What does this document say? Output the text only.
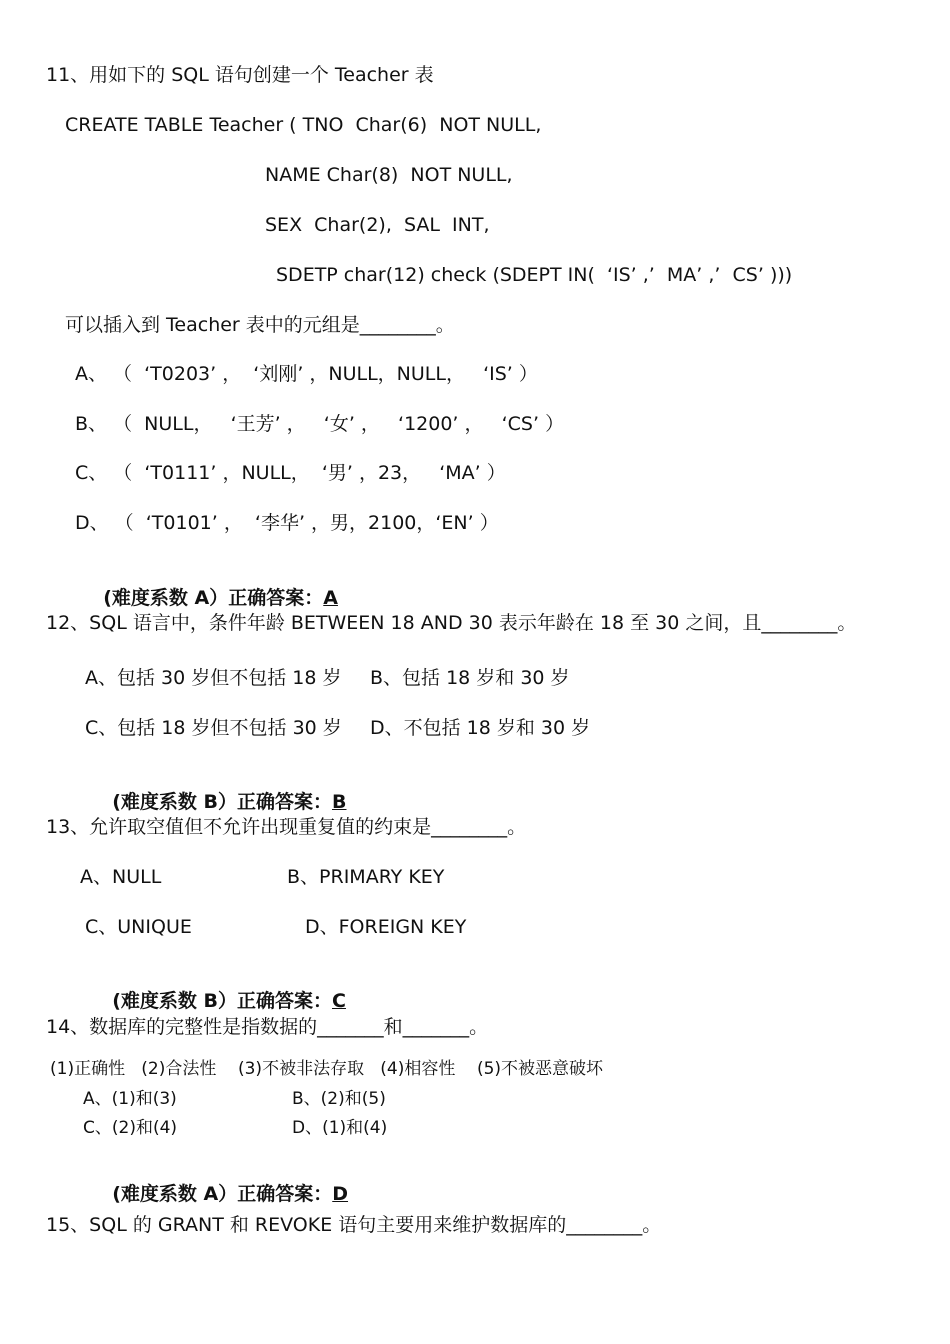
11、用如下的 SQL 语句创建一个 Teacher 表
CREATE TABLE Teacher ( TNO  Char(6)  NOT NULL,
NAME Char(8)  NOT NULL,
SEX  Char(2),  SAL  INT,
SDETP char(12) check (SDEPT IN(  ‘IS’ ,’  MA’ ,’  CS’ )))
可以插入到 Teacher 表中的元组是________。
A、 （  ‘T0203’ ，  ‘刘刚’ ，NULL，NULL，   ‘IS’ ）
B、 （  NULL，   ‘王芳’ ，   ‘女’ ，   ‘1200’ ，   ‘CS’ ）
C、 （  ‘T0111’ ，NULL，  ‘男’ ，23，   ‘MA’ ）
D、 （  ‘T0101’ ，  ‘李华’ ，男，2100，‘EN’ ）

(难度系数 A）正确答案：A

12、SQL 语言中，条件年龄 BETWEEN 18 AND 30 表示年龄在 18 至 30 之间，且________。
A、包括 30 岁但不包括 18 岁 B、包括 18 岁和 30 岁
C、包括 18 岁但不包括 30 岁 D、不包括 18 岁和 30 岁

(难度系数 B）正确答案：B

13、允许取空值但不允许出现重复值的约束是________。
A、NULL	B、PRIMARY KEY
C、UNIQUE	D、FOREIGN KEY

(难度系数 B）正确答案：C

14、数据库的完整性是指数据的_______和_______。
(1)正确性   (2)合法性    (3)不被非法存取   (4)相容性    (5)不被恶意破坏
A、(1)和(3)	B、(2)和(5)
C、(2)和(4)	D、(1)和(4)

(难度系数 A）正确答案：D

15、SQL 的 GRANT 和 REVOKE 语句主要用来维护数据库的________。
